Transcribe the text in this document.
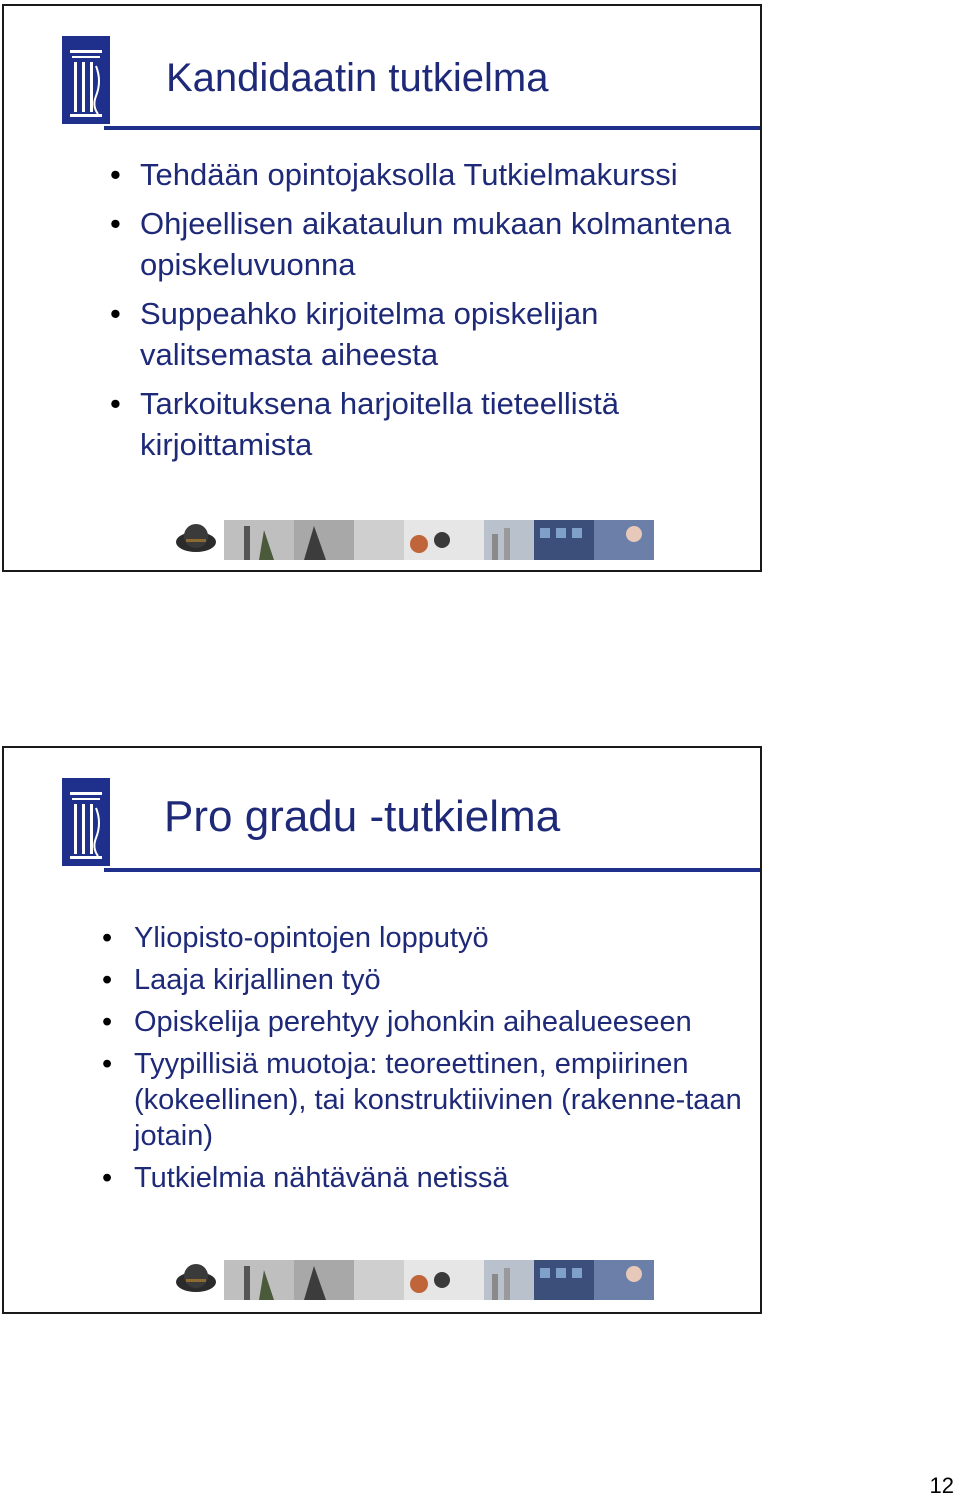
Kandidaatin tutkielma
• Tehdään opintojaksolla Tutkielmakurssi
• Ohjeellisen aikataulun mukaan kolmantena opiskeluvuonna
• Suppeahko kirjoitelma opiskelijan valitsemasta aiheesta
• Tarkoituksena harjoitella tieteellistä kirjoittamista
Pro gradu -tutkielma
• Yliopisto-opintojen lopputyö
• Laaja kirjallinen työ
• Opiskelija perehtyy johonkin aihealueeseen
• Tyypillisiä muotoja: teoreettinen, empiirinen (kokeellinen), tai konstruktiivinen (rakenne-taan jotain)
• Tutkielmia nähtävänä netissä
12
